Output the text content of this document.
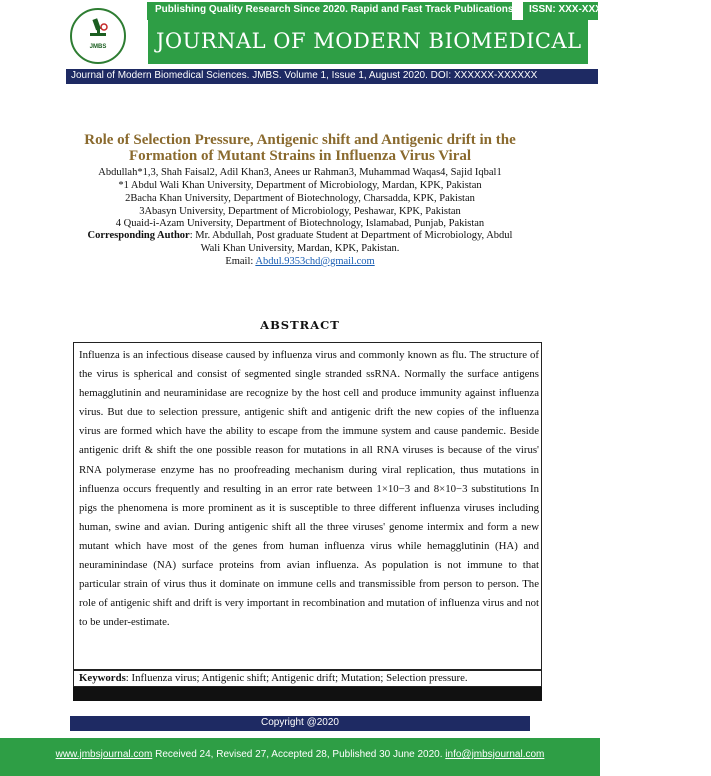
JMBS
Publishing Quality Research Since 2020. Rapid and Fast Track Publications ISSN: XXX-XXX
JOURNAL OF MODERN BIOMEDICAL SCIENCES
Journal of Modern Biomedical Sciences. JMBS. Volume 1, Issue 1, August 2020. DOI: XXXXXX-XXXXXX
Role of Selection Pressure, Antigenic shift and Antigenic drift in the
Formation of Mutant Strains in Influenza Virus Viral
Abdullah*1,3, Shah Faisal2, Adil Khan3, Anees ur Rahman3, Muhammad Waqas4, Sajid Iqbal1
*1 Abdul Wali Khan University, Department of Microbiology, Mardan, KPK, Pakistan
2Bacha Khan University, Department of Biotechnology, Charsadda, KPK, Pakistan
3Abasyn University, Department of Microbiology, Peshawar, KPK, Pakistan
4 Quaid-i-Azam University, Department of Biotechnology, Islamabad, Punjab, Pakistan
Corresponding Author: Mr. Abdullah, Post graduate Student at Department of Microbiology, Abdul
Wali Khan University, Mardan, KPK, Pakistan.
Email: Abdul.9353chd@gmail.com
ABSTRACT
Influenza is an infectious disease caused by influenza virus and commonly known as flu. The structure of the virus is spherical and consist of segmented single stranded ssRNA. Normally the surface antigens hemagglutinin and neuraminidase are recognize by the host cell and produce immunity against influenza virus. But due to selection pressure, antigenic shift and antigenic drift the new copies of the influenza virus are formed which have the ability to escape from the immune system and cause pandemic. Beside antigenic drift & shift the one possible reason for mutations in all RNA viruses is because of the virus' RNA polymerase enzyme has no proofreading mechanism during viral replication, thus mutations in influenza occurs frequently and resulting in an error rate between 1×10−3 and 8×10−3 substitutions In pigs the phenomena is more prominent as it is susceptible to three different influenza viruses including human, swine and avian. During antigenic shift all the three viruses' genome intermix and form a new mutant which have most of the genes from human influenza virus while hemagglutinin (HA) and neuraminindase (NA) surface proteins from avian influenza. As population is not immune to that particular strain of virus thus it dominate on immune cells and transmissible from person to person. The role of antigenic shift and drift is very important in recombination and mutation of influenza virus and not to be under-estimate.
Keywords: Influenza virus; Antigenic shift; Antigenic drift; Mutation; Selection pressure.
Copyright @2020
www.jmbsjournal.com Received 24, Revised 27, Accepted 28, Published 30 June 2020. info@jmbsjournal.com
